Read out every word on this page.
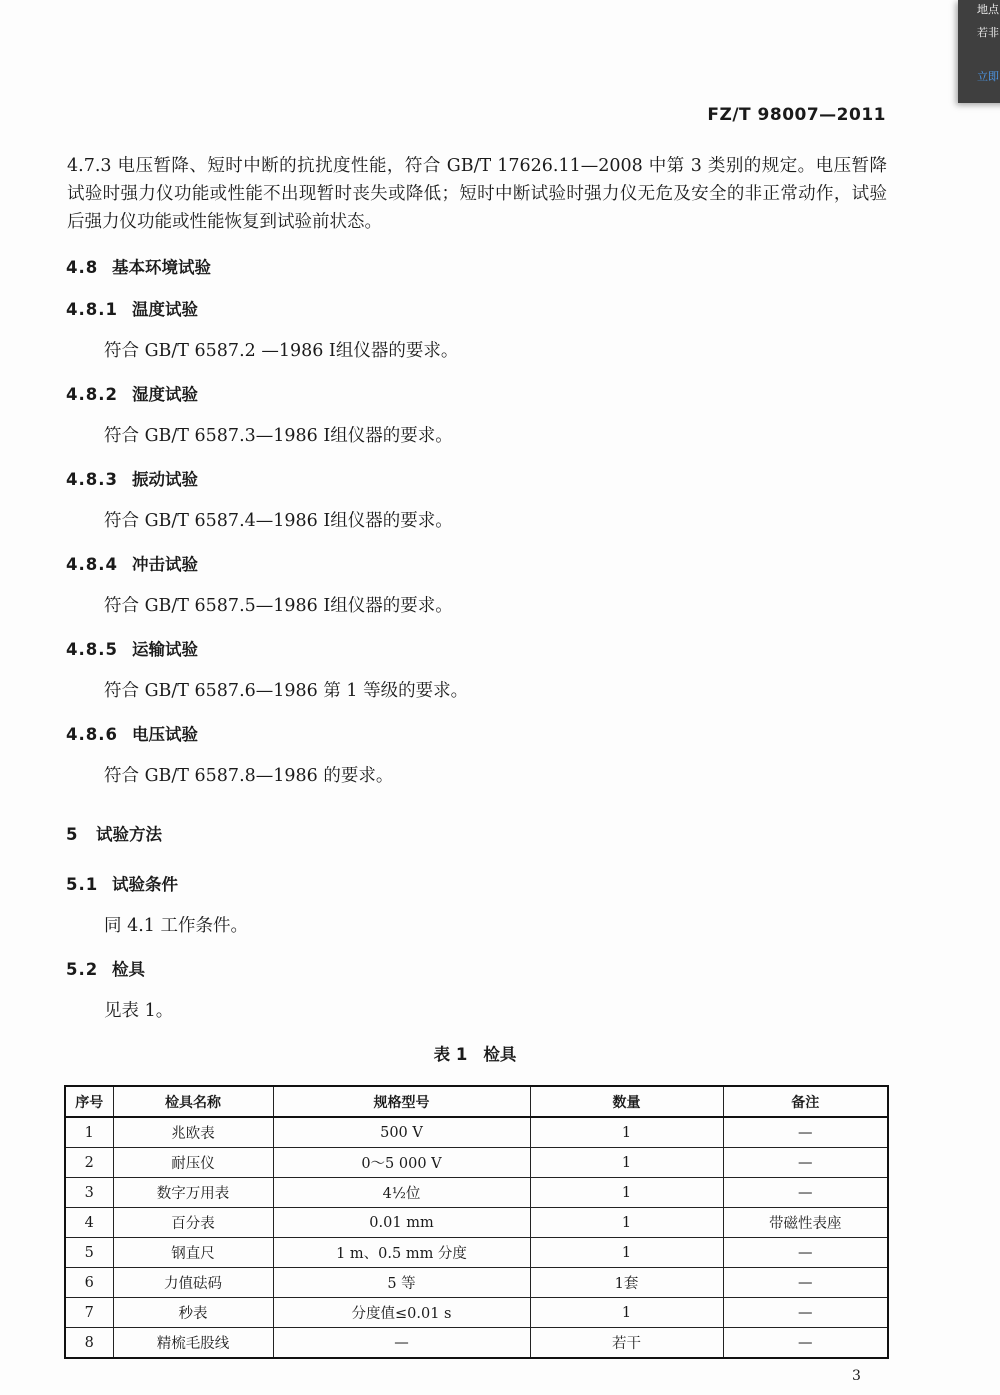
FZ/T 98007—2011
4.7.3 电压暂降、短时中断的抗扰度性能，符合 GB/T 17626.11—2008 中第 3 类别的规定。电压暂降试验时强力仪功能或性能不出现暂时丧失或降低；短时中断试验时强力仪无危及安全的非正常动作，试验后强力仪功能或性能恢复到试验前状态。
4.8 基本环境试验
4.8.1 温度试验
符合 GB/T 6587.2 —1986 Ⅰ组仪器的要求。
4.8.2 湿度试验
符合 GB/T 6587.3—1986 Ⅰ组仪器的要求。
4.8.3 振动试验
符合 GB/T 6587.4—1986 Ⅰ组仪器的要求。
4.8.4 冲击试验
符合 GB/T 6587.5—1986 Ⅰ组仪器的要求。
4.8.5 运输试验
符合 GB/T 6587.6—1986 第 1 等级的要求。
4.8.6 电压试验
符合 GB/T 6587.8—1986 的要求。
5 试验方法
5.1 试验条件
同 4.1 工作条件。
5.2 检具
见表 1。
表 1 检具
序号	检具名称	规格型号	数量	备注
1	兆欧表	500 V	1	—
2	耐压仪	0～5 000 V	1	—
3	数字万用表	4½位	1	—
4	百分表	0.01 mm	1	带磁性表座
5	钢直尺	1 m、0.5 mm 分度	1	—
6	力值砝码	5 等	1套	—
7	秒表	分度值≤0.01 s	1	—
8	精梳毛股线	—	若干	—
3
地点
若非
立即
